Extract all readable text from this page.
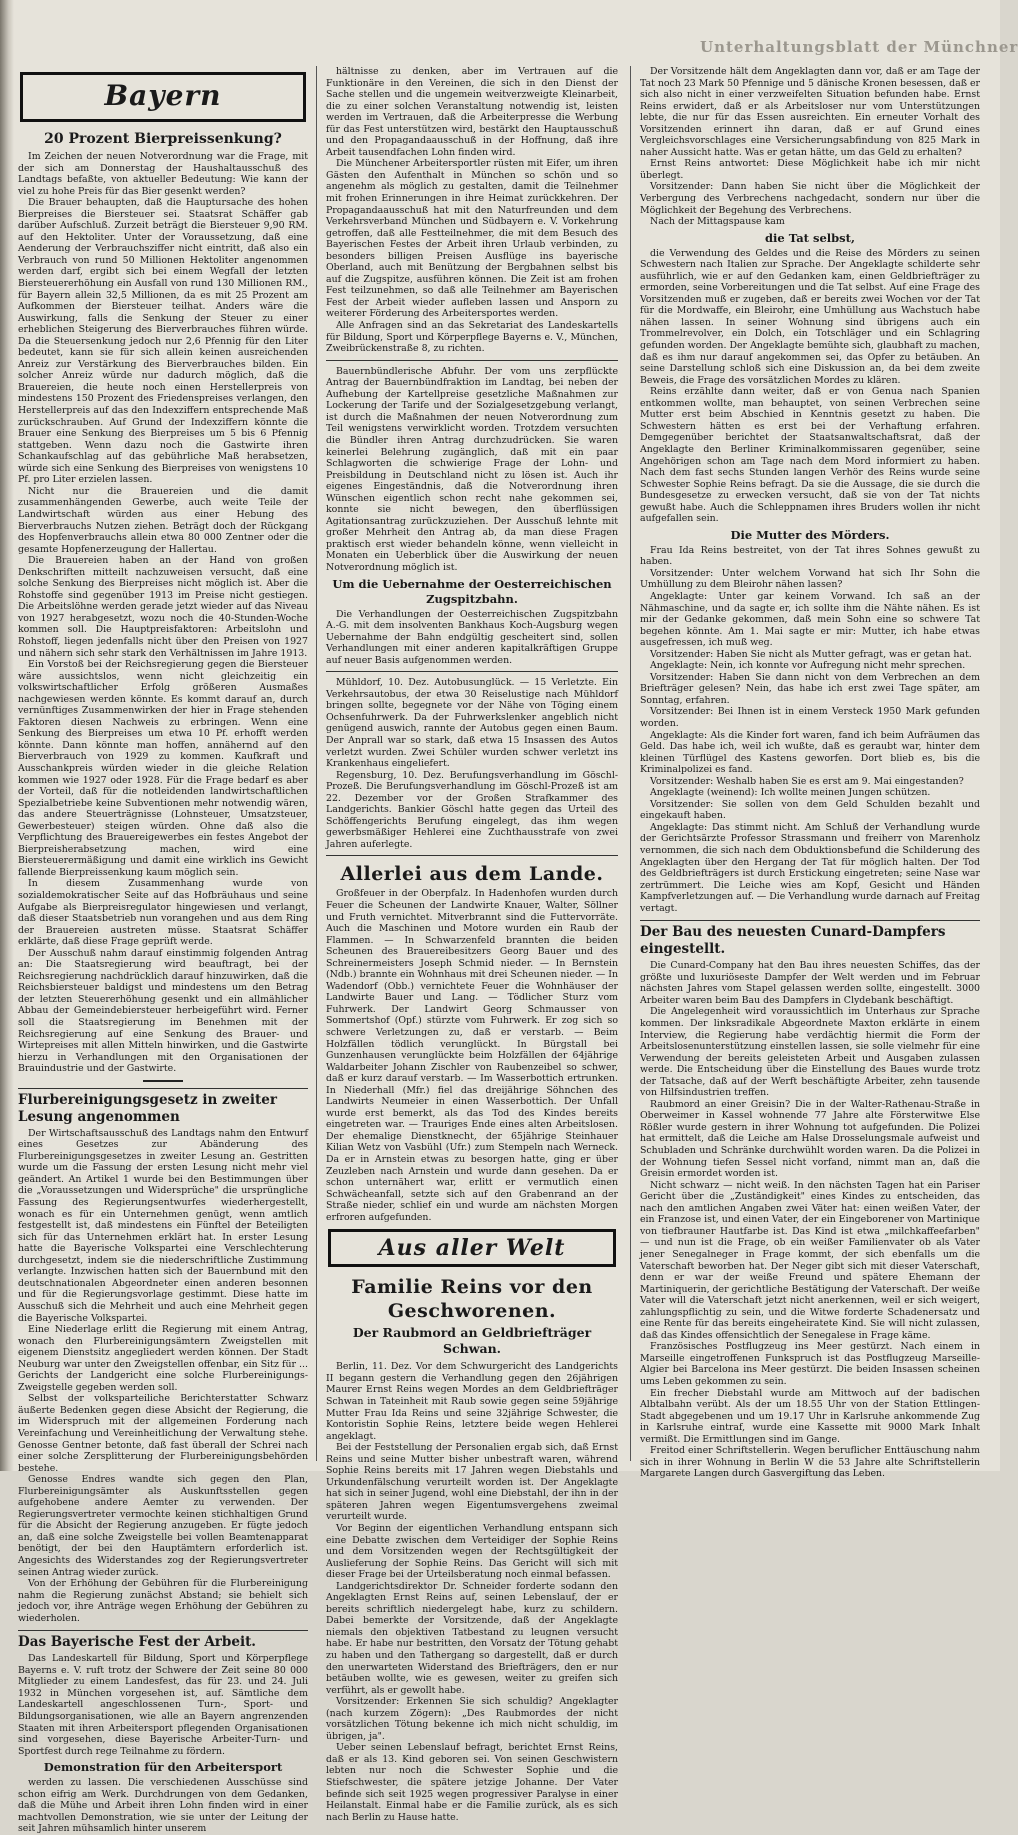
Unterhaltungsblatt der Münchner
Bayern
20 Prozent Bierpreissenkung?

Im Zeichen der neuen Notverordnung war die Frage, mit der sich am Donnerstag der Haushaltausschuß des Landtags befaßte, von aktueller Bedeutung: Wie kann der viel zu hohe Preis für das Bier gesenkt werden?

Die Brauer behaupten, daß die Hauptursache des hohen Bierpreises die Biersteuer sei. Staatsrat Schäffer gab darüber Aufschluß. Zurzeit beträgt die Biersteuer 9,90 RM. auf den Hektoliter. Unter der Voraussetzung, daß eine Aenderung der Verbrauchsziffer nicht eintritt, daß also ein Verbrauch von rund 50 Millionen Hektoliter angenommen werden darf, ergibt sich bei einem Wegfall der letzten Biersteuererhöhung ein Ausfall von rund 130 Millionen RM., für Bayern allein 32,5 Millionen, da es mit 25 Prozent am Aufkommen der Biersteuer teilhat. Anders wäre die Auswirkung, falls die Senkung der Steuer zu einer erheblichen Steigerung des Bierverbrauches führen würde. Da die Steuersenkung jedoch nur 2,6 Pfennig für den Liter bedeutet, kann sie für sich allein keinen ausreichenden Anreiz zur Verstärkung des Bierverbrauches bilden. Ein solcher Anreiz würde nur dadurch möglich, daß die Brauereien, die heute noch einen Herstellerpreis von mindestens 150 Prozent des Friedenspreises verlangen, den Herstellerpreis auf das den Indexziffern entsprechende Maß zurückschrauben. Auf Grund der Indexziffern könnte die Brauer eine Senkung des Bierpreises um 5 bis 6 Pfennig stattgeben. Wenn dazu noch die Gastwirte ihren Schankaufschlag auf das gebührliche Maß herabsetzen, würde sich eine Senkung des Bierpreises von wenigstens 10 Pf. pro Liter erzielen lassen.

Nicht nur die Brauereien und die damit zusammenhängenden Gewerbe, auch weite Teile der Landwirtschaft würden aus einer Hebung des Bierverbrauchs Nutzen ziehen. Beträgt doch der Rückgang des Hopfenverbrauchs allein etwa 80 000 Zentner oder die gesamte Hopfenerzeugung der Hallertau.

Die Brauereien haben an der Hand von großen Denkschriften mitteilt nachzuweisen versucht, daß eine solche Senkung des Bierpreises nicht möglich ist. Aber die Rohstoffe sind gegenüber 1913 im Preise nicht gestiegen. Die Arbeitslöhne werden gerade jetzt wieder auf das Niveau von 1927 herabgesetzt, wozu noch die 40-Stunden-Woche kommen soll. Die Hauptpreisfaktoren: Arbeitslohn und Rohstoff, liegen jedenfalls nicht über den Preisen von 1927 und nähern sich sehr stark den Verhältnissen im Jahre 1913.

Ein Vorstoß bei der Reichsregierung gegen die Biersteuer wäre aussichtslos, wenn nicht gleichzeitig ein volkswirtschaftlicher Erfolg größeren Ausmaßes nachgewiesen werden könnte. Es kommt darauf an, durch vernünftiges Zusammenwirken der hier in Frage stehenden Faktoren diesen Nachweis zu erbringen. Wenn eine Senkung des Bierpreises um etwa 10 Pf. erhofft werden könnte. Dann könnte man hoffen, annähernd auf den Bierverbrauch von 1929 zu kommen. Kaufkraft und Ausschankpreis würden wieder in die gleiche Relation kommen wie 1927 oder 1928. Für die Frage bedarf es aber der Vorteil, daß für die notleidenden landwirtschaftlichen Spezialbetriebe keine Subventionen mehr notwendig wären, das andere Steuerträgnisse (Lohnsteuer, Umsatzsteuer, Gewerbesteuer) steigen würden. Ohne daß also die Verpflichtung des Brauereigewerbes ein festes Angebot der Bierpreisherabsetzung machen, wird eine Biersteuerermäßigung und damit eine wirklich ins Gewicht fallende Bierpreissenkung kaum möglich sein.

In diesem Zusammenhang wurde von sozialdemokratischer Seite auf das Hofbräuhaus und seine Aufgabe als Bierpreisregulator hingewiesen und verlangt, daß dieser Staatsbetrieb nun vorangehen und aus dem Ring der Brauereien austreten müsse. Staatsrat Schäffer erklärte, daß diese Frage geprüft werde.

Der Ausschuß nahm darauf einstimmig folgenden Antrag an: Die Staatsregierung wird beauftragt, bei der Reichsregierung nachdrücklich darauf hinzuwirken, daß die Reichsbiersteuer baldigst und mindestens um den Betrag der letzten Steuererhöhung gesenkt und ein allmählicher Abbau der Gemeindebiersteuer herbeigeführt wird. Ferner soll die Staatsregierung im Benehmen mit der Reichsregierung auf eine Senkung des Brauer- und Wirtepreises mit allen Mitteln hinwirken, und die Gastwirte hierzu in Verhandlungen mit den Organisationen der Brauindustrie und der Gastwirte.

Flurbereinigungsgesetz in zweiter Lesung angenommen

Der Wirtschaftsausschuß des Landtags nahm den Entwurf eines Gesetzes zur Abänderung des Flurbereinigungsgesetzes in zweiter Lesung an. Gestritten wurde um die Fassung der ersten Lesung nicht mehr viel geändert. An Artikel 1 wurde bei den Bestimmungen über die „Voraussetzungen und Widersprüche" die ursprüngliche Fassung des Regierungsentwurfes wiederhergestellt, wonach es für ein Unternehmen genügt, wenn amtlich festgestellt ist, daß mindestens ein Fünftel der Beteiligten sich für das Unternehmen erklärt hat. In erster Lesung hatte die Bayerische Volkspartei eine Verschlechterung durchgesetzt, indem sie die niederschriftliche Zustimmung verlangte. Inzwischen hatten sich der Bauernbund mit den deutschnationalen Abgeordneter einen anderen besonnen und für die Regierungsvorlage gestimmt. Diese hatte im Ausschuß sich die Mehrheit und auch eine Mehrheit gegen die Bayerische Volkspartei.

Eine Niederlage erlitt die Regierung mit einem Antrag, wonach den Flurbereinigungsämtern Zweigstellen mit eigenem Dienstsitz angegliedert werden können. Der Stadt Neuburg war unter den Zweigstellen offenbar, ein Sitz für ... Gerichts der Landgericht eine solche Flurbereinigungs-Zweigstelle gegeben werden soll.

Selbst der volksparteiliche Berichterstatter Schwarz äußerte Bedenken gegen diese Absicht der Regierung, die im Widerspruch mit der allgemeinen Forderung nach Vereinfachung und Vereinheitlichung der Verwaltung stehe. Genosse Gentner betonte, daß fast überall der Schrei nach einer solche Zersplitterung der Flurbereinigungsbehörden bestehe.

Genosse Endres wandte sich gegen den Plan, Flurbereinigungsämter als Auskunftsstellen gegen aufgehobene andere Aemter zu verwenden. Der Regierungsvertreter vermochte keinen stichhaltigen Grund für die Absicht der Regierung anzugeben. Er fügte jedoch an, daß eine solche Zweigstelle bei vollen Beamtenapparat benötigt, der bei den Hauptämtern erforderlich ist. Angesichts des Widerstandes zog der Regierungsvertreter seinen Antrag wieder zurück.

Von der Erhöhung der Gebühren für die Flurbereinigung nahm die Regierung zunächst Abstand; sie behielt sich jedoch vor, ihre Anträge wegen Erhöhung der Gebühren zu wiederholen.

Das Bayerische Fest der Arbeit.

Das Landeskartell für Bildung, Sport und Körperpflege Bayerns e. V. ruft trotz der Schwere der Zeit seine 80 000 Mitglieder zu einem Landesfest, das für 23. und 24. Juli 1932 in München vorgesehen ist, auf. Sämtliche dem Landeskartell angeschlossenen Turn-, Sport- und Bildungsorganisationen, wie alle an Bayern angrenzenden Staaten mit ihren Arbeitersport pflegenden Organisationen sind vorgesehen, diese Bayerische Arbeiter-Turn- und Sportfest durch rege Teilnahme zu fördern.

Demonstration für den Arbeitersport

werden zu lassen. Die verschiedenen Ausschüsse sind schon eifrig am Werk. Durchdrungen von dem Gedanken, daß die Mühe und Arbeit ihren Lohn finden wird in einer machtvollen Demonstration, wie sie unter der Leitung der seit Jahren mühsamlich hinter unserem

hältnisse zu denken, aber im Vertrauen auf die Funktionäre in den Vereinen, die sich in den Dienst der Sache stellen und die ungemein weitverzweigte Kleinarbeit, die zu einer solchen Veranstaltung notwendig ist, leisten werden im Vertrauen, daß die Arbeiterpresse die Werbung für das Fest unterstützen wird, bestärkt den Hauptausschuß und den Propagandaausschuß in der Hoffnung, daß ihre Arbeit tausendfachen Lohn finden wird.

Die Münchener Arbeitersportler rüsten mit Eifer, um ihren Gästen den Aufenthalt in München so schön und so angenehm als möglich zu gestalten, damit die Teilnehmer mit frohen Erinnerungen in ihre Heimat zurückkehren. Der Propagandaausschuß hat mit den Naturfreunden und dem Verkehrsverband München und Südbayern e. V. Vorkehrung getroffen, daß alle Festteilnehmer, die mit dem Besuch des Bayerischen Festes der Arbeit ihren Urlaub verbinden, zu besonders billigen Preisen Ausflüge ins bayerische Oberland, auch mit Benützung der Bergbahnen selbst bis auf die Zugspitze, ausführen können. Die Zeit ist am frohen Fest teilzunehmen, so daß alle Teilnehmer am Bayerischen Fest der Arbeit wieder aufleben lassen und Ansporn zu weiterer Förderung des Arbeitersportes werden.

Alle Anfragen sind an das Sekretariat des Landeskartells für Bildung, Sport und Körperpflege Bayerns e. V., München, Zweibrückenstraße 8, zu richten.

Bauernbündlerische Abfuhr. Der vom uns zerpflückte Antrag der Bauernbündfraktion im Landtag, bei neben der Aufhebung der Kartellpreise gesetzliche Maßnahmen zur Lockerung der Tarife und der Sozialgesetzgebung verlangt, ist durch die Maßnahmen der neuen Notverordnung zum Teil wenigstens verwirklicht worden. Trotzdem versuchten die Bündler ihren Antrag durchzudrücken. Sie waren keinerlei Belehrung zugänglich, daß mit ein paar Schlagworten die schwierige Frage der Lohn- und Preisbildung in Deutschland nicht zu lösen ist. Auch ihr eigenes Eingeständnis, daß die Notverordnung ihren Wünschen eigentlich schon recht nahe gekommen sei, konnte sie nicht bewegen, den überflüssigen Agitationsantrag zurückzuziehen. Der Ausschuß lehnte mit großer Mehrheit den Antrag ab, da man diese Fragen praktisch erst wieder behandeln könne, wenn vielleicht in Monaten ein Ueberblick über die Auswirkung der neuen Notverordnung möglich ist.

Um die Uebernahme der Oesterreichischen Zugspitzbahn.

Die Verhandlungen der Oesterreichischen Zugspitzbahn A.-G. mit dem insolventen Bankhaus Koch-Augsburg wegen Uebernahme der Bahn endgültig gescheitert sind, sollen Verhandlungen mit einer anderen kapitalkräftigen Gruppe auf neuer Basis aufgenommen werden.

Mühldorf, 10. Dez. Autobusunglück. — 15 Verletzte. Ein Verkehrsautobus, der etwa 30 Reiselustige nach Mühldorf bringen sollte, begegnete vor der Nähe von Töging einem Ochsenfuhrwerk. Da der Fuhrwerkslenker angeblich nicht genügend auswich, rannte der Autobus gegen einen Baum. Der Anprall war so stark, daß etwa 15 Insassen des Autos verletzt wurden. Zwei Schüler wurden schwer verletzt ins Krankenhaus eingeliefert.

Regensburg, 10. Dez. Berufungsverhandlung im Göschl-Prozeß. Die Berufungsverhandlung im Göschl-Prozeß ist am 22. Dezember vor der Großen Strafkammer des Landgerichts. Bankier Göschl hatte gegen das Urteil des Schöffengerichts Berufung eingelegt, das ihm wegen gewerbsmäßiger Hehlerei eine Zuchthausstrafe von zwei Jahren auferlegte.

Allerlei aus dem Lande.

Großfeuer in der Oberpfalz. In Hadenhofen wurden durch Feuer die Scheunen der Landwirte Knauer, Walter, Söllner und Fruth vernichtet. Mitverbrannt sind die Futtervorräte. Auch die Maschinen und Motore wurden ein Raub der Flammen. — In Schwarzenfeld brannten die beiden Scheunen des Brauereibesitzers Georg Bauer und des Schreinermeisters Joseph Schmid nieder. — In Bernstein (Ndb.) brannte ein Wohnhaus mit drei Scheunen nieder. — In Wadendorf (Obb.) vernichtete Feuer die Wohnhäuser der Landwirte Bauer und Lang. — Tödlicher Sturz vom Fuhrwerk. Der Landwirt Georg Schmausser von Sommertshof (Opf.) stürzte vom Fuhrwerk. Er zog sich so schwere Verletzungen zu, daß er verstarb. — Beim Holzfällen tödlich verunglückt. In Bürgstall bei Gunzenhausen verunglückte beim Holzfällen der 64jährige Waldarbeiter Johann Zischler von Raubenzeibel so schwer, daß er kurz darauf verstarb. — Im Wasserbottich ertrunken. In Niederhall (Mfr.) fiel das dreijährige Söhnchen des Landwirts Neumeier in einen Wasserbottich. Der Unfall wurde erst bemerkt, als das Tod des Kindes bereits eingetreten war. — Trauriges Ende eines alten Arbeitslosen. Der ehemalige Dienstknecht, der 65jährige Steinhauer Kilian Wetz von Vasbühl (Ufr.) zum Stempeln nach Werneck. Da er in Arnstein etwas zu besorgen hatte, ging er über Zeuzleben nach Arnstein und wurde dann gesehen. Da er schon unternähert war, erlitt er vermutlich einen Schwächeanfall, setzte sich auf den Grabenrand an der Straße nieder, schlief ein und wurde am nächsten Morgen erfroren aufgefunden.

Aus aller Welt
Familie Reins vor den Geschworenen.
Der Raubmord an Geldbriefträger Schwan.

Berlin, 11. Dez. Vor dem Schwurgericht des Landgerichts II begann gestern die Verhandlung gegen den 26jährigen Maurer Ernst Reins wegen Mordes an dem Geldbriefträger Schwan in Tateinheit mit Raub sowie gegen seine 59jährige Mutter Frau Ida Reins und seine 32jährige Schwester, die Kontoristin Sophie Reins, letztere beide wegen Hehlerei angeklagt.

Bei der Feststellung der Personalien ergab sich, daß Ernst Reins und seine Mutter bisher unbestraft waren, während Sophie Reins bereits mit 17 Jahren wegen Diebstahls und Urkundenfälschung verurteilt worden ist. Der Angeklagte hat sich in seiner Jugend, wohl eine Diebstahl, der ihn in der späteren Jahren wegen Eigentumsvergehens zweimal verurteilt wurde.

Vor Beginn der eigentlichen Verhandlung entspann sich eine Debatte zwischen dem Verteidiger der Sophie Reins und dem Vorsitzenden wegen der Rechtsgültigkeit der Auslieferung der Sophie Reins. Das Gericht will sich mit dieser Frage bei der Urteilsberatung noch einmal befassen.

Landgerichtsdirektor Dr. Schneider forderte sodann den Angeklagten Ernst Reins auf, seinen Lebenslauf, der er bereits schriftlich niedergelegt habe, kurz zu schildern. Dabei bemerkte der Vorsitzende, daß der Angeklagte niemals den objektiven Tatbestand zu leugnen versucht habe. Er habe nur bestritten, den Vorsatz der Tötung gehabt zu haben und den Tathergang so dargestellt, daß er durch den unerwarteten Widerstand des Briefträgers, den er nur betäuben wollte, wie es gewesen, weiter zu greifen sich verführt, als er gewollt habe.

Vorsitzender: Erkennen Sie sich schuldig? Angeklagter (nach kurzem Zögern): „Des Raubmordes der nicht vorsätzlichen Tötung bekenne ich mich nicht schuldig, im übrigen, ja".

Ueber seinen Lebenslauf befragt, berichtet Ernst Reins, daß er als 13. Kind geboren sei. Von seinen Geschwistern lebten nur noch die Schwester Sophie und die Stiefschwester, die spätere jetzige Johanne. Der Vater befinde sich seit 1925 wegen progressiver Paralyse in einer Heilanstalt. Einmal habe er die Familie zurück, als es sich nach Berlin zu Hause hatte.

Der Vorsitzende hält dem Angeklagten dann vor, daß er am Tage der Tat noch 23 Mark 50 Pfennige und 5 dänische Kronen besessen, daß er sich also nicht in einer verzweifelten Situation befunden habe. Ernst Reins erwidert, daß er als Arbeitsloser nur vom Unterstützungen lebte, die nur für das Essen ausreichten. Ein erneuter Vorhalt des Vorsitzenden erinnert ihn daran, daß er auf Grund eines Vergleichsvorschlages eine Versicherungsabfindung von 825 Mark in naher Aussicht hatte. Was er getan hätte, um das Geld zu erhalten?

Ernst Reins antwortet: Diese Möglichkeit habe ich mir nicht überlegt.

Vorsitzender: Dann haben Sie nicht über die Möglichkeit der Verbergung des Verbrechens nachgedacht, sondern nur über die Möglichkeit der Begehung des Verbrechens.

Nach der Mittagspause kam

die Tat selbst,

die Verwendung des Geldes und die Reise des Mörders zu seinen Schwestern nach Italien zur Sprache. Der Angeklagte schilderte sehr ausführlich, wie er auf den Gedanken kam, einen Geldbriefträger zu ermorden, seine Vorbereitungen und die Tat selbst. Auf eine Frage des Vorsitzenden muß er zugeben, daß er bereits zwei Wochen vor der Tat für die Mordwaffe, ein Bleirohr, eine Umhüllung aus Wachstuch habe nähen lassen. In seiner Wohnung sind übrigens auch ein Trommelrevolver, ein Dolch, ein Totschläger und ein Schlagring gefunden worden. Der Angeklagte bemühte sich, glaubhaft zu machen, daß es ihm nur darauf angekommen sei, das Opfer zu betäuben. An seine Darstellung schloß sich eine Diskussion an, da bei dem zweite Beweis, die Frage des vorsätzlichen Mordes zu klären.

Reins erzählte dann weiter, daß er von Genua nach Spanien entkommen wollte, man behauptet, von seinen Verbrechen seine Mutter erst beim Abschied in Kenntnis gesetzt zu haben. Die Schwestern hätten es erst bei der Verhaftung erfahren. Demgegenüber berichtet der Staatsanwaltschaftsrat, daß der Angeklagte den Berliner Kriminalkommissaren gegenüber, seine Angehörigen schon am Tage nach dem Mord informiert zu haben. Nach dem fast sechs Stunden langen Verhör des Reins wurde seine Schwester Sophie Reins befragt. Da sie die Aussage, die sie durch die Bundesgesetze zu erwecken versucht, daß sie von der Tat nichts gewußt habe. Auch die Schleppnamen ihres Bruders wollen ihr nicht aufgefallen sein.

Die Mutter des Mörders.

Frau Ida Reins bestreitet, von der Tat ihres Sohnes gewußt zu haben.

Vorsitzender: Unter welchem Vorwand hat sich Ihr Sohn die Umhüllung zu dem Bleirohr nähen lassen?

Angeklagte: Unter gar keinem Vorwand. Ich saß an der Nähmaschine, und da sagte er, ich sollte ihm die Nähte nähen. Es ist mir der Gedanke gekommen, daß mein Sohn eine so schwere Tat begehen könnte. Am 1. Mai sagte er mir: Mutter, ich habe etwas ausgefressen, ich muß weg.

Vorsitzender: Haben Sie nicht als Mutter gefragt, was er getan hat.

Angeklagte: Nein, ich konnte vor Aufregung nicht mehr sprechen.

Vorsitzender: Haben Sie dann nicht von dem Verbrechen an dem Briefträger gelesen? Nein, das habe ich erst zwei Tage später, am Sonntag, erfahren.

Vorsitzender: Bei Ihnen ist in einem Versteck 1950 Mark gefunden worden.

Angeklagte: Als die Kinder fort waren, fand ich beim Aufräumen das Geld. Das habe ich, weil ich wußte, daß es geraubt war, hinter dem kleinen Türflügel des Kastens geworfen. Dort blieb es, bis die Kriminalpolizei es fand.

Vorsitzender: Weshalb haben Sie es erst am 9. Mai eingestanden?

Angeklagte (weinend): Ich wollte meinen Jungen schützen.

Vorsitzender: Sie sollen von dem Geld Schulden bezahlt und eingekauft haben.

Angeklagte: Das stimmt nicht. Am Schluß der Verhandlung wurde der Gerichtsärzte Professor Strassmann und freiherr von Marenholz vernommen, die sich nach dem Obduktionsbefund die Schilderung des Angeklagten über den Hergang der Tat für möglich halten. Der Tod des Geldbriefträgers ist durch Erstickung eingetreten; seine Nase war zertrümmert. Die Leiche wies am Kopf, Gesicht und Händen Kampfverletzungen auf. — Die Verhandlung wurde darnach auf Freitag vertagt.

Der Bau des neuesten Cunard-Dampfers eingestellt.

Die Cunard-Company hat den Bau ihres neuesten Schiffes, das der größte und luxuriöseste Dampfer der Welt werden und im Februar nächsten Jahres vom Stapel gelassen werden sollte, eingestellt. 3000 Arbeiter waren beim Bau des Dampfers in Clydebank beschäftigt.

Die Angelegenheit wird voraussichtlich im Unterhaus zur Sprache kommen. Der linksradikale Abgeordnete Maxton erklärte in einem Interview, die Regierung habe verdächtig hiermit die Form der Arbeitslosenunterstützung einstellen lassen, sie solle vielmehr für eine Verwendung der bereits geleisteten Arbeit und Ausgaben zulassen werde. Die Entscheidung über die Einstellung des Baues wurde trotz der Tatsache, daß auf der Werft beschäftigte Arbeiter, zehn tausende von Hilfsindustrien treffen.

Raubmord an einer Greisin? Die in der Walter-Rathenau-Straße in Oberweimer in Kassel wohnende 77 Jahre alte Försterwitwe Else Rößler wurde gestern in ihrer Wohnung tot aufgefunden. Die Polizei hat ermittelt, daß die Leiche am Halse Drosselungsmale aufweist und Schubladen und Schränke durchwühlt worden waren. Da die Polizei in der Wohnung tiefen Sessel nicht vorfand, nimmt man an, daß die Greisin ermordet worden ist.

Nicht schwarz — nicht weiß. In den nächsten Tagen hat ein Pariser Gericht über die „Zuständigkeit" eines Kindes zu entscheiden, das nach den amtlichen Angaben zwei Väter hat: einen weißen Vater, der ein Franzose ist, und einen Vater, der ein Eingeborener von Martinique von tiefbrauner Hautfarbe ist. Das Kind ist etwa „milchkaffeefarben" — und nun ist die Frage, ob ein weißer Familienvater ob als Vater jener Senegalneger in Frage kommt, der sich ebenfalls um die Vaterschaft beworben hat. Der Neger gibt sich mit dieser Vaterschaft, denn er war der weiße Freund und spätere Ehemann der Martiniquerin, der gerichtliche Bestätigung der Vaterschaft. Der weiße Vater will die Vaterschaft jetzt nicht anerkennen, weil er sich weigert, zahlungspflichtig zu sein, und die Witwe forderte Schadenersatz und eine Rente für das bereits eingeheiratete Kind. Sie will nicht zulassen, daß das Kindes offensichtlich der Senegalese in Frage käme.

Französisches Postflugzeug ins Meer gestürzt. Nach einem in Marseille eingetroffenen Funkspruch ist das Postflugzeug Marseille-Algier bei Barcelona ins Meer gestürzt. Die beiden Insassen scheinen ums Leben gekommen zu sein.

Ein frecher Diebstahl wurde am Mittwoch auf der badischen Albtalbahn verübt. Als der um 18.55 Uhr von der Station Ettlingen-Stadt abgegebenen und um 19.17 Uhr in Karlsruhe ankommende Zug in Karlsruhe eintraf, wurde eine Kassette mit 9000 Mark Inhalt vermißt. Die Ermittlungen sind im Gange.

Freitod einer Schriftstellerin. Wegen beruflicher Enttäuschung nahm sich in ihrer Wohnung in Berlin W die 53 Jahre alte Schriftstellerin Margarete Langen durch Gasvergiftung das Leben.
